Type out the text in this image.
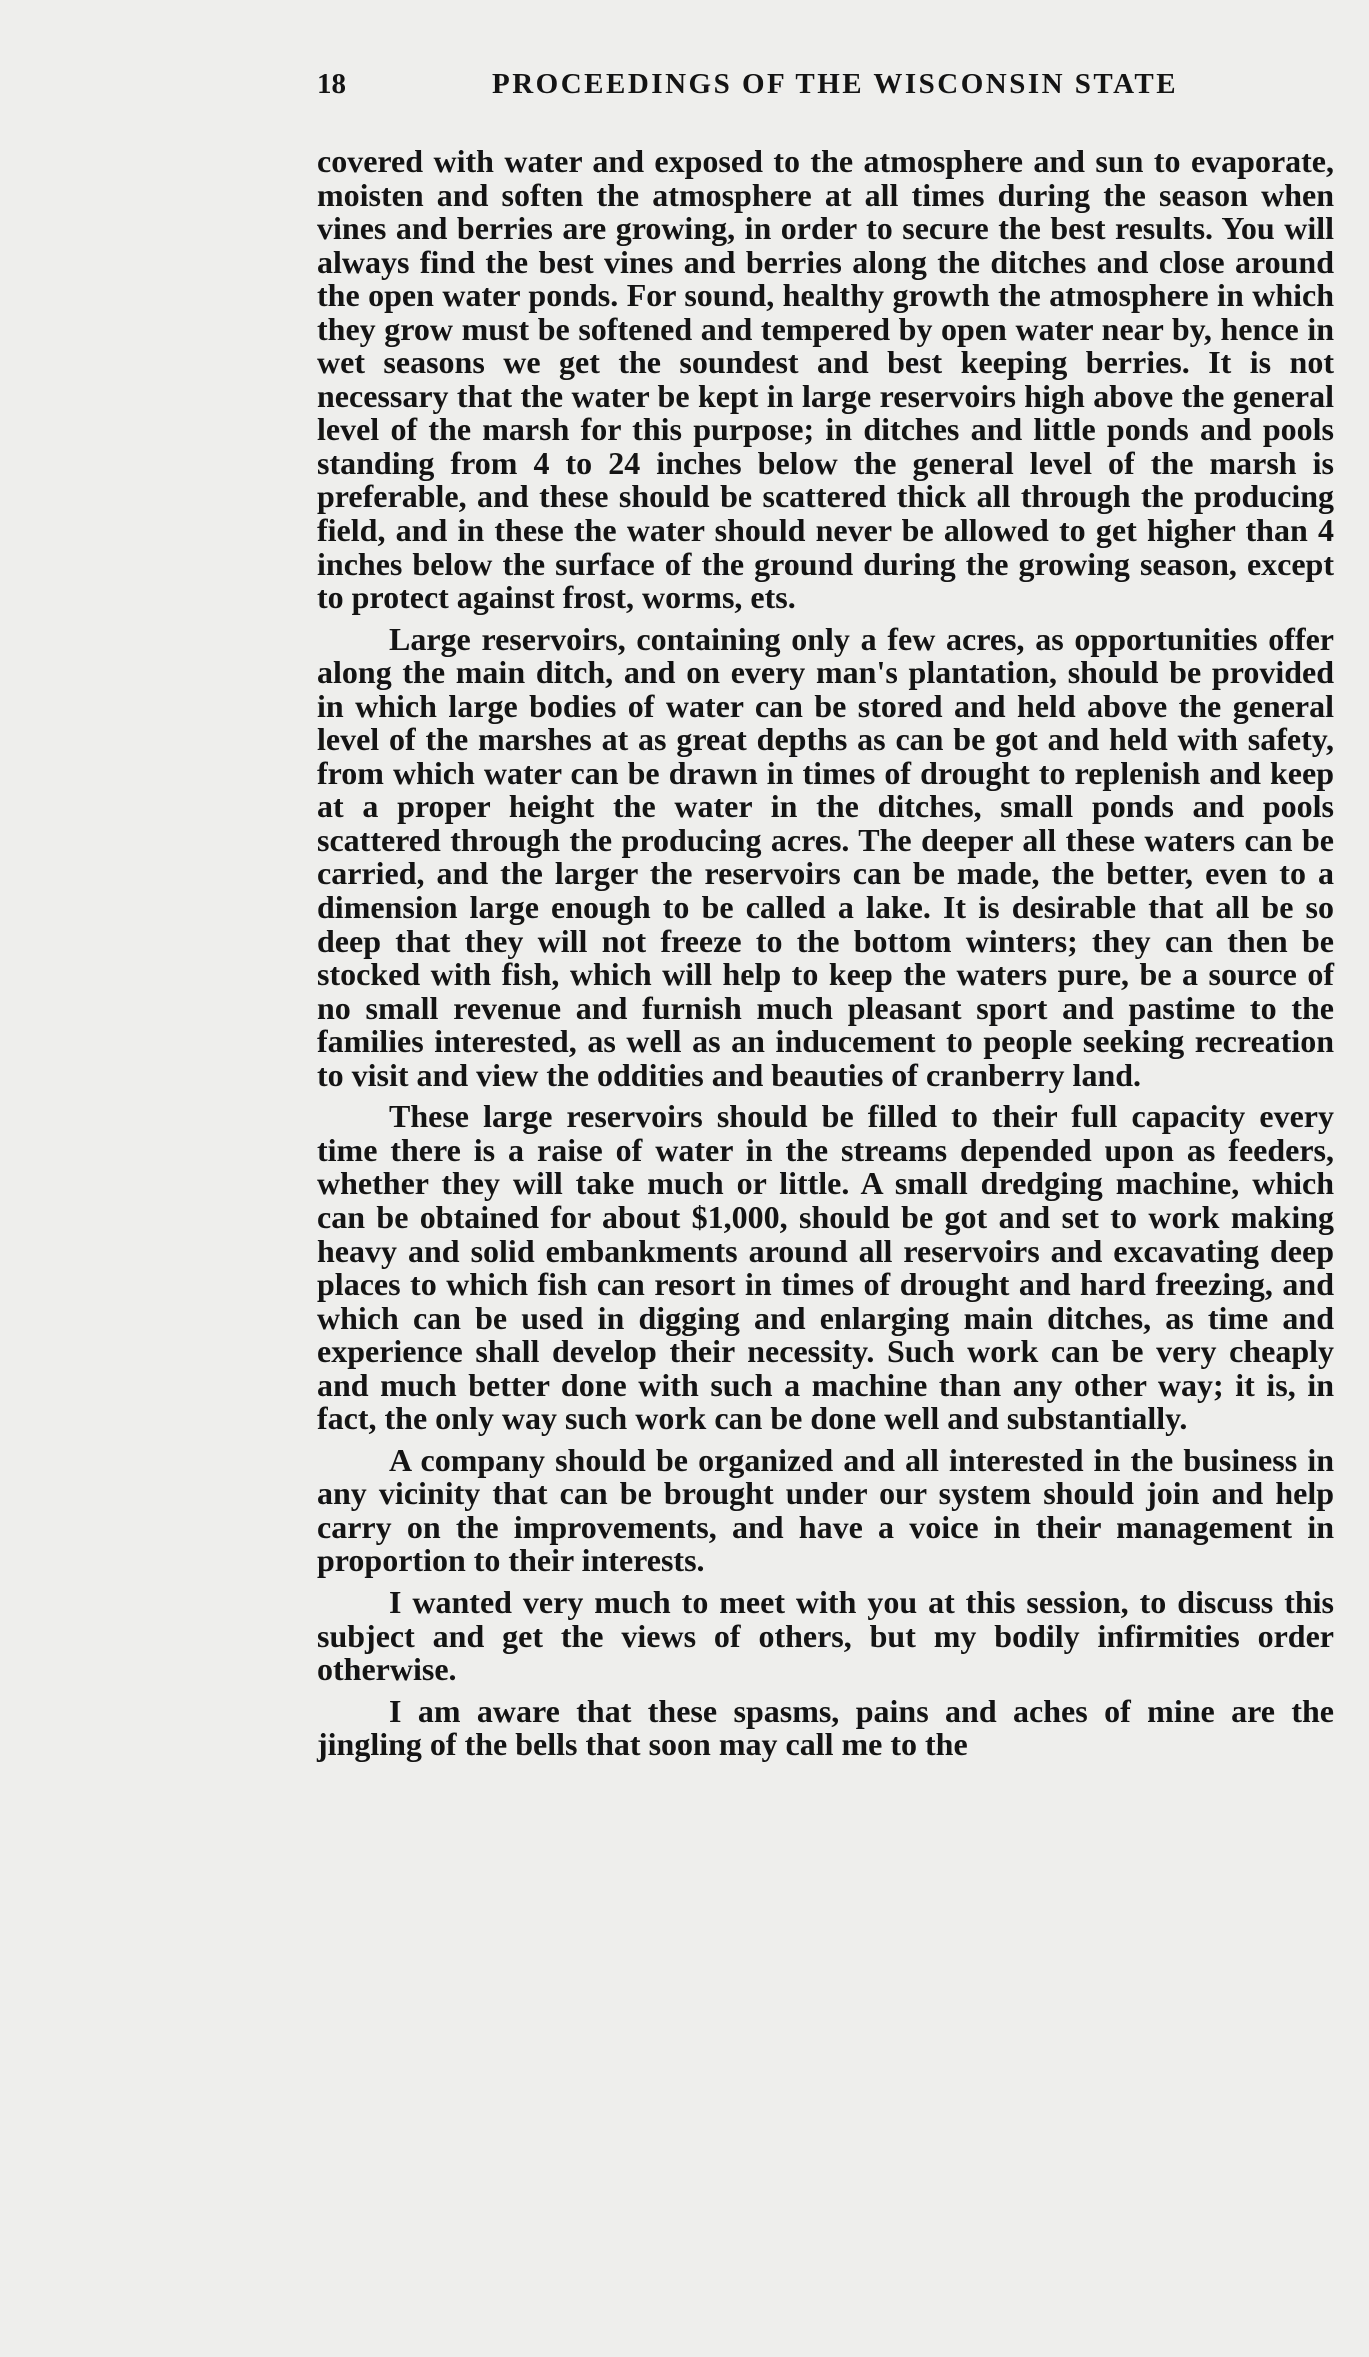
18	PROCEEDINGS OF THE WISCONSIN STATE

covered with water and exposed to the atmosphere and sun to evaporate, moisten and soften the atmosphere at all times during the season when vines and berries are growing, in order to secure the best results. You will always find the best vines and berries along the ditches and close around the open water ponds. For sound, healthy growth the atmosphere in which they grow must be softened and tempered by open water near by, hence in wet seasons we get the soundest and best keeping berries. It is not necessary that the water be kept in large reservoirs high above the general level of the marsh for this purpose; in ditches and little ponds and pools standing from 4 to 24 inches below the general level of the marsh is preferable, and these should be scattered thick all through the producing field, and in these the water should never be allowed to get higher than 4 inches below the surface of the ground during the growing season, except to protect against frost, worms, ets.

Large reservoirs, containing only a few acres, as opportunities offer along the main ditch, and on every man's plantation, should be provided in which large bodies of water can be stored and held above the general level of the marshes at as great depths as can be got and held with safety, from which water can be drawn in times of drought to replenish and keep at a proper height the water in the ditches, small ponds and pools scattered through the producing acres. The deeper all these waters can be carried, and the larger the reservoirs can be made, the better, even to a dimension large enough to be called a lake. It is desirable that all be so deep that they will not freeze to the bottom winters; they can then be stocked with fish, which will help to keep the waters pure, be a source of no small revenue and furnish much pleasant sport and pastime to the families interested, as well as an inducement to people seeking recreation to visit and view the oddities and beauties of cranberry land.

These large reservoirs should be filled to their full capacity every time there is a raise of water in the streams depended upon as feeders, whether they will take much or little. A small dredging machine, which can be obtained for about $1,000, should be got and set to work making heavy and solid embankments around all reservoirs and excavating deep places to which fish can resort in times of drought and hard freezing, and which can be used in digging and enlarging main ditches, as time and experience shall develop their necessity. Such work can be very cheaply and much better done with such a machine than any other way; it is, in fact, the only way such work can be done well and substantially.

A company should be organized and all interested in the business in any vicinity that can be brought under our system should join and help carry on the improvements, and have a voice in their management in proportion to their interests.

I wanted very much to meet with you at this session, to discuss this subject and get the views of others, but my bodily infirmities order otherwise.

I am aware that these spasms, pains and aches of mine are the jingling of the bells that soon may call me to the
